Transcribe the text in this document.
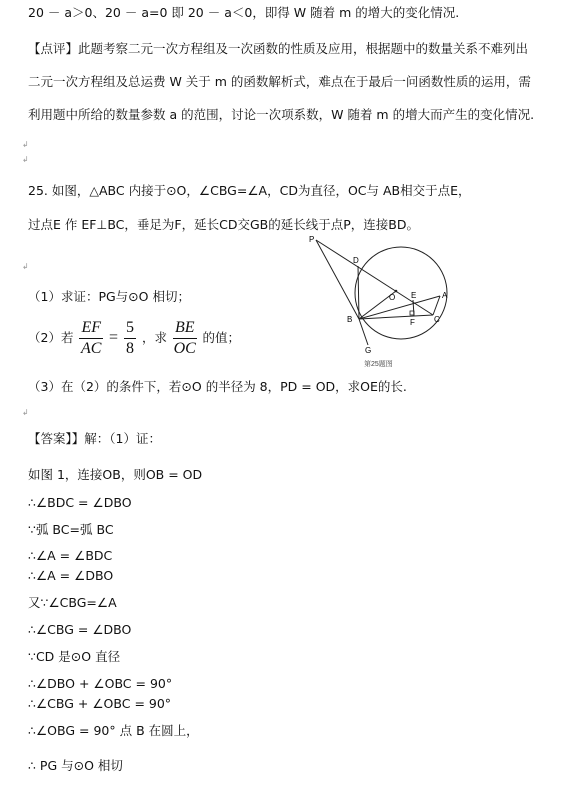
20 － a＞0、20 － a=0 即 20 － a＜0，即得 W 随着 m 的增大的变化情况.
【点评】此题考察二元一次方程组及一次函数的性质及应用，根据题中的数量关系不难列出
二元一次方程组及总运费 W 关于 m 的函数解析式，难点在于最后一问函数性质的运用，需
利用题中所给的数量参数 a 的范围，讨论一次项系数，W 随着 m 的增大而产生的变化情况.
↲
↲
25. 如图，△ABC 内接于⊙O，∠CBG=∠A，CD为直径，OC与 AB相交于点E，
过点E 作 EF⊥BC，垂足为F，延长CD交GB的延长线于点P，连接BD。
↲
（1）求证：PG与⊙O 相切；
（2）若 $\frac{EF}{AC} = \frac{5}{8}$ ，求 $\frac{BE}{OC}$ 的值；
（3）在（2）的条件下，若⊙O 的半径为 8，PD = OD，求OE的长.
↲
P
D
O E	A
B	F C
G
第25题图
【答案】】解：（1）证：
如图 1，连接OB，则OB = OD
∴∠BDC = ∠DBO
∵弧 BC=弧 BC
∴∠A = ∠BDC
∴∠A = ∠DBO
又∵∠CBG=∠A
∴∠CBG = ∠DBO
∵CD 是⊙O 直径
∴∠DBO + ∠OBC = 90°
∴∠CBG + ∠OBC = 90°
∴∠OBG = 90° 点 B 在圆上，
∴ PG 与⊙O 相切
